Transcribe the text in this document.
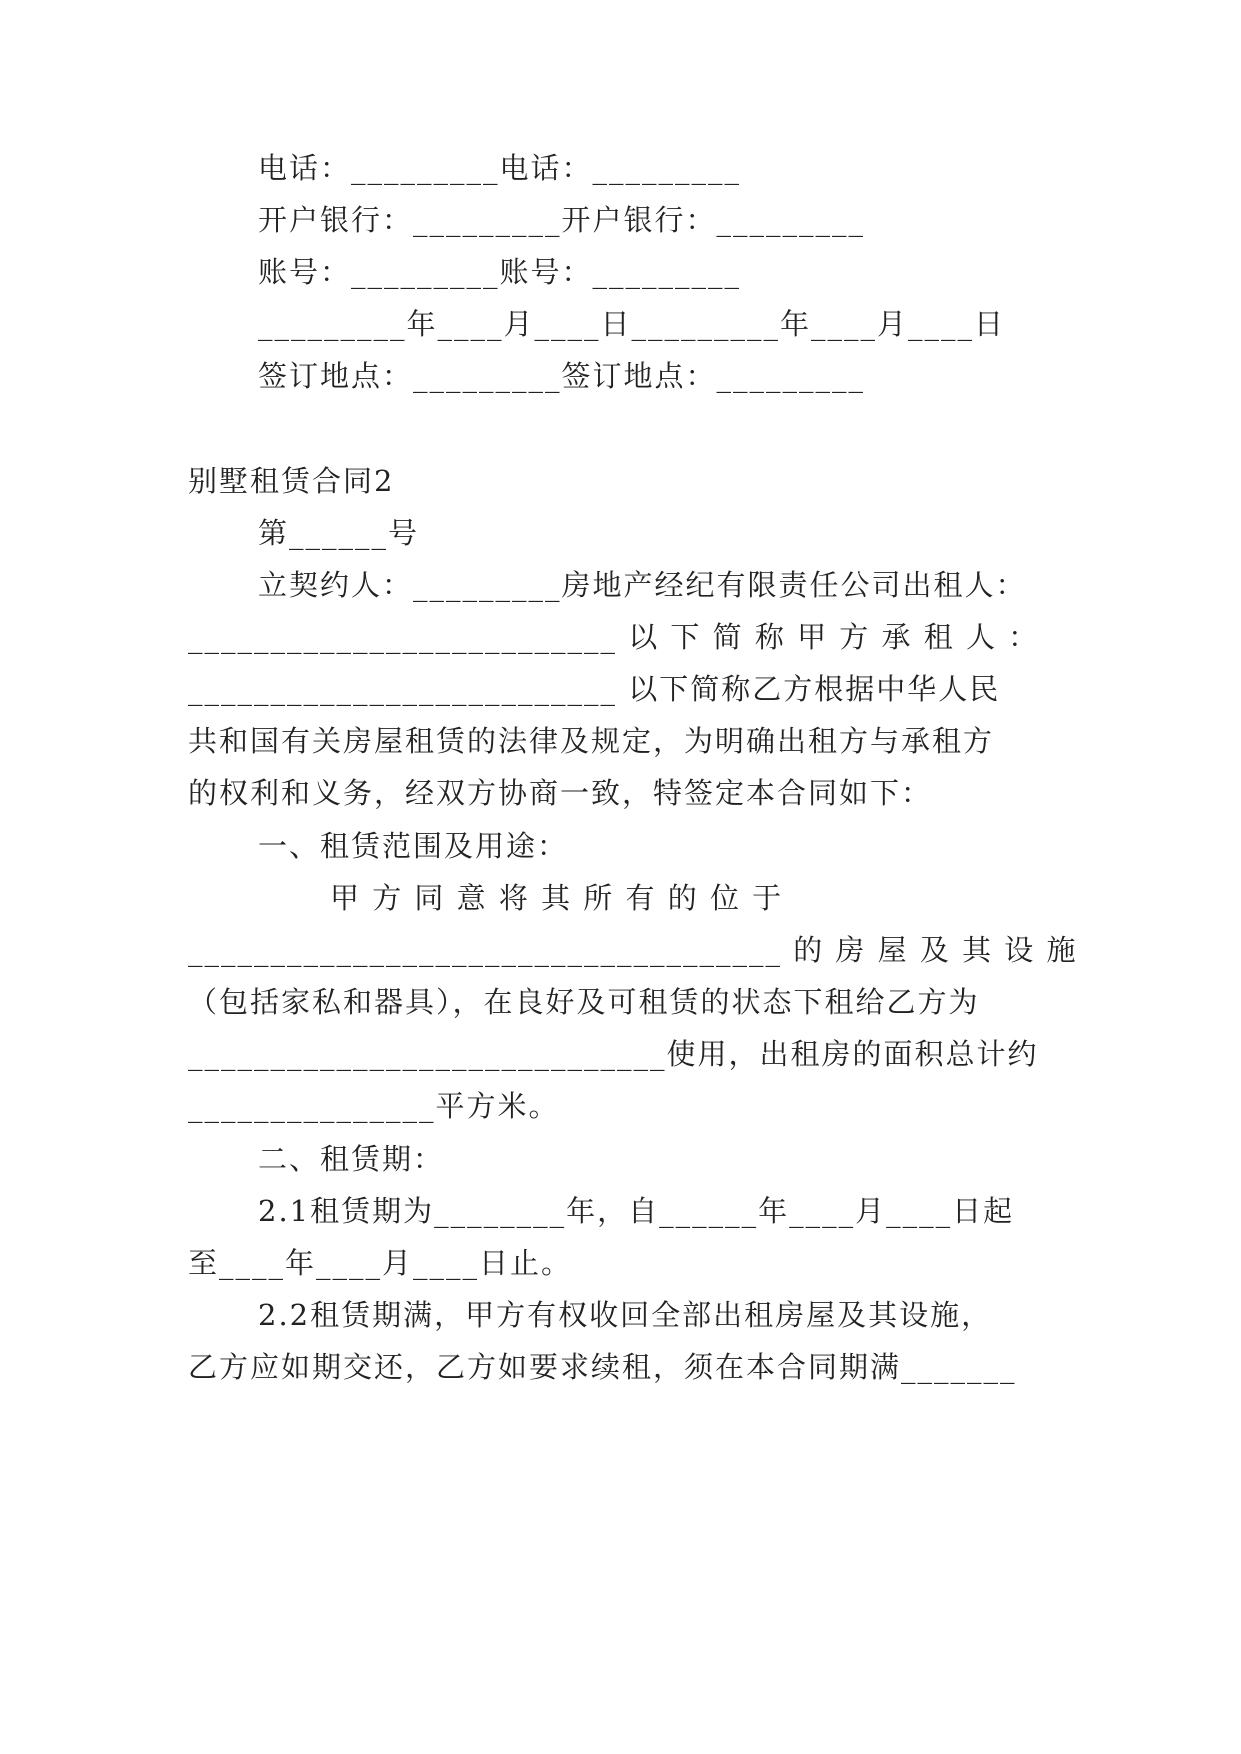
电话：_________电话：_________
开户银行：_________开户银行：_________
账号：_________账号：_________
_________年____月____日_________年____月____日
签订地点：_________签订地点：_________
别墅租赁合同2
第______号
立契约人：_________房地产经纪有限责任公司出租人：
__________________________ 以 下 简 称 甲 方 承 租 人 ：
__________________________ 以下简称乙方根据中华人民
共和国有关房屋租赁的法律及规定，为明确出租方与承租方
的权利和义务，经双方协商一致，特签定本合同如下：
一、租赁范围及用途：
甲 方 同 意 将 其 所 有 的 位 于
____________________________________ 的 房 屋 及 其 设 施
（包括家私和器具），在良好及可租赁的状态下租给乙方为
_____________________________使用，出租房的面积总计约
_______________平方米。
二、租赁期：
2.1租赁期为________年，自______年____月____日起
至____年____月____日止。
2.2租赁期满，甲方有权收回全部出租房屋及其设施，
乙方应如期交还，乙方如要求续租，须在本合同期满_______
